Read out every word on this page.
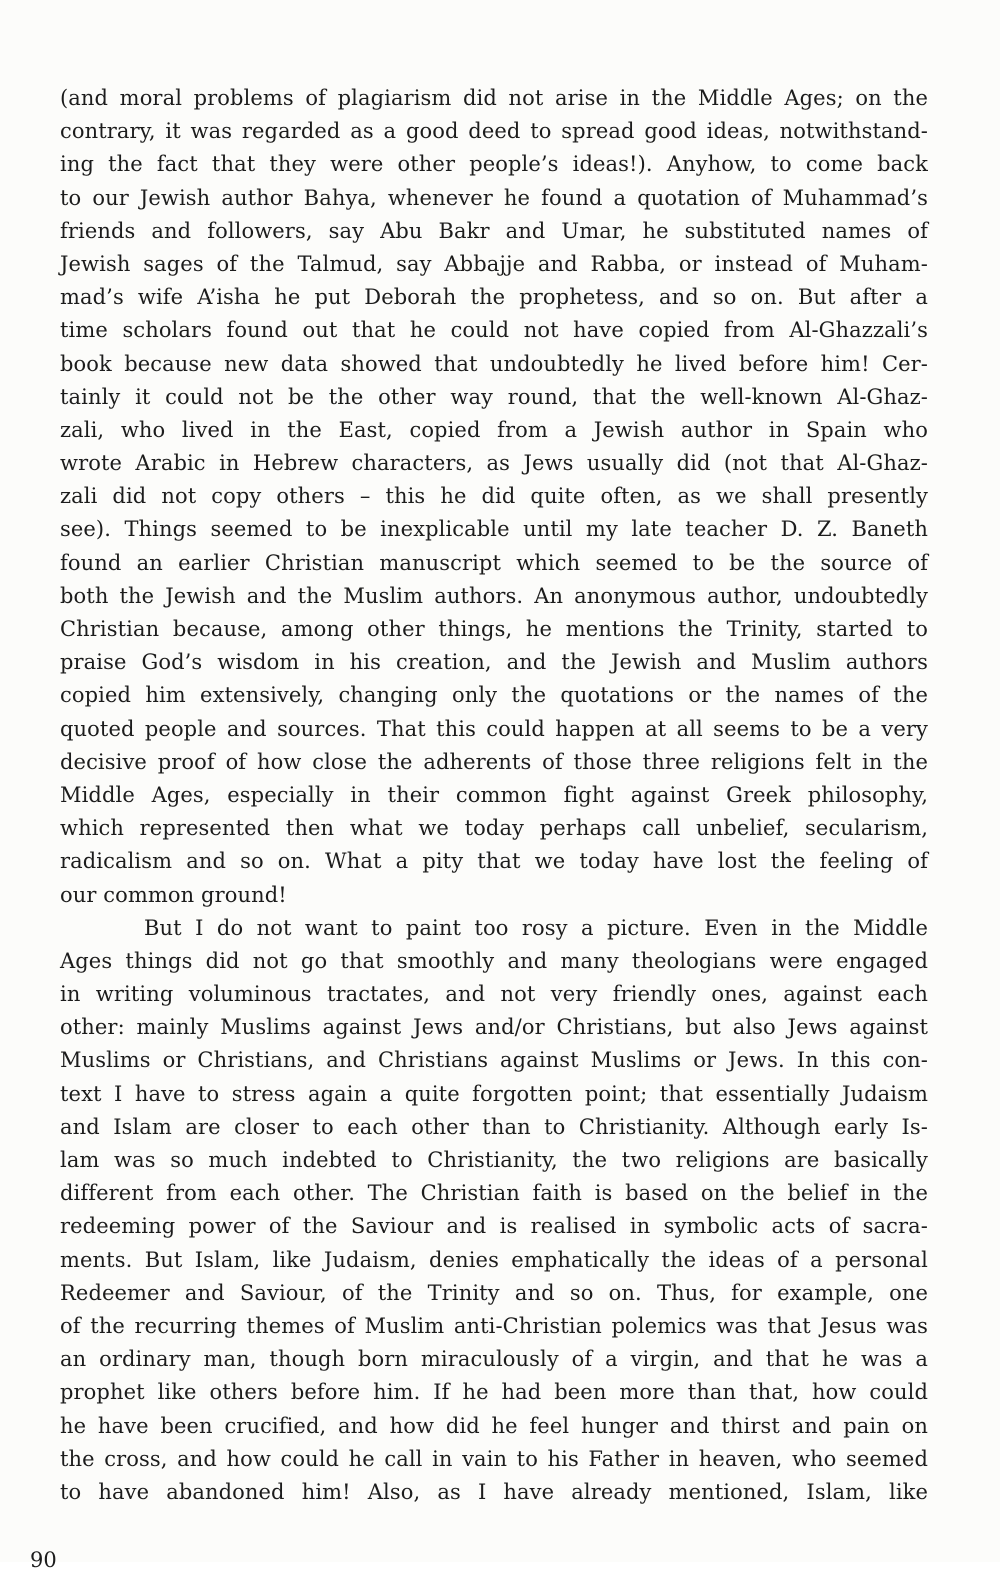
(and moral problems of plagiarism did not arise in the Middle Ages; on the
contrary, it was regarded as a good deed to spread good ideas, notwithstand-
ing the fact that they were other people’s ideas!). Anyhow, to come back
to our Jewish author Bahya, whenever he found a quotation of Muhammad’s
friends and followers, say Abu Bakr and Umar, he substituted names of
Jewish sages of the Talmud, say Abbajje and Rabba, or instead of Muham-
mad’s wife A’isha he put Deborah the prophetess, and so on. But after a
time scholars found out that he could not have copied from Al-Ghazzali’s
book because new data showed that undoubtedly he lived before him! Cer-
tainly it could not be the other way round, that the well-known Al-Ghaz-
zali, who lived in the East, copied from a Jewish author in Spain who
wrote Arabic in Hebrew characters, as Jews usually did (not that Al-Ghaz-
zali did not copy others – this he did quite often, as we shall presently
see). Things seemed to be inexplicable until my late teacher D. Z. Baneth
found an earlier Christian manuscript which seemed to be the source of
both the Jewish and the Muslim authors. An anonymous author, undoubtedly
Christian because, among other things, he mentions the Trinity, started to
praise God’s wisdom in his creation, and the Jewish and Muslim authors
copied him extensively, changing only the quotations or the names of the
quoted people and sources. That this could happen at all seems to be a very
decisive proof of how close the adherents of those three religions felt in the
Middle Ages, especially in their common fight against Greek philosophy,
which represented then what we today perhaps call unbelief, secularism,
radicalism and so on. What a pity that we today have lost the feeling of
our common ground!
But I do not want to paint too rosy a picture. Even in the Middle
Ages things did not go that smoothly and many theologians were engaged
in writing voluminous tractates, and not very friendly ones, against each
other: mainly Muslims against Jews and/or Christians, but also Jews against
Muslims or Christians, and Christians against Muslims or Jews. In this con-
text I have to stress again a quite forgotten point; that essentially Judaism
and Islam are closer to each other than to Christianity. Although early Is-
lam was so much indebted to Christianity, the two religions are basically
different from each other. The Christian faith is based on the belief in the
redeeming power of the Saviour and is realised in symbolic acts of sacra-
ments. But Islam, like Judaism, denies emphatically the ideas of a personal
Redeemer and Saviour, of the Trinity and so on. Thus, for example, one
of the recurring themes of Muslim anti-Christian polemics was that Jesus was
an ordinary man, though born miraculously of a virgin, and that he was a
prophet like others before him. If he had been more than that, how could
he have been crucified, and how did he feel hunger and thirst and pain on
the cross, and how could he call in vain to his Father in heaven, who seemed
to have abandoned him! Also, as I have already mentioned, Islam, like
90
